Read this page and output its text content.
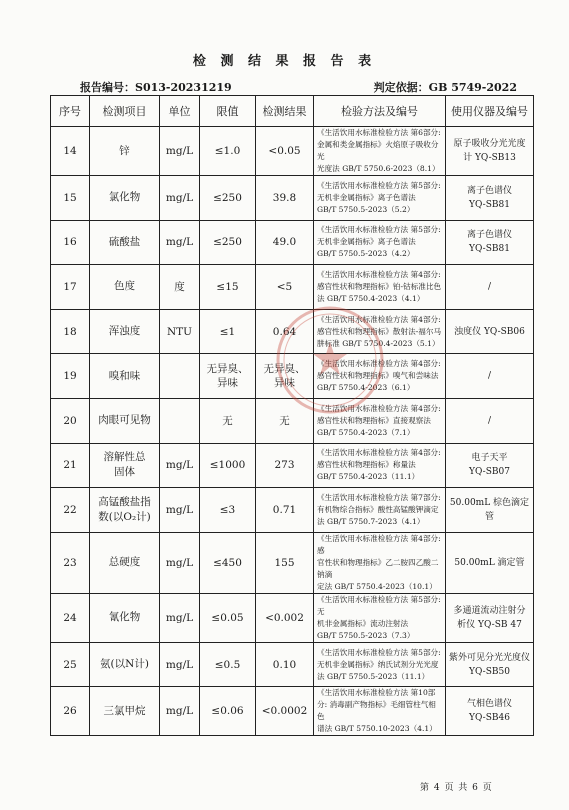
检 测 结 果 报 告 表
报告编号：S013-20231219	判定依据：GB 5749-2022
序号	检测项目	单位	限值	检测结果	检验方法及编号	使用仪器及编号
14	锌	mg/L	≤1.0	<0.05	《生活饮用水标准检验方法 第6部分:
金属和类金属指标》火焰原子吸收分光
光度法 GB/T 5750.6-2023（8.1）	原子吸收分光光度
计 YQ-SB13
15	氯化物	mg/L	≤250	39.8	《生活饮用水标准检验方法 第5部分:
无机非金属指标》离子色谱法
GB/T 5750.5-2023（5.2）	离子色谱仪
YQ-SB81
16	硫酸盐	mg/L	≤250	49.0	《生活饮用水标准检验方法 第5部分:
无机非金属指标》离子色谱法
GB/T 5750.5-2023（4.2）	离子色谱仪
YQ-SB81
17	色度	度	≤15	<5	《生活饮用水标准检验方法 第4部分:
感官性状和物理指标》铂-钴标准比色
法 GB/T 5750.4-2023（4.1）	/
18	浑浊度	NTU	≤1	0.64	《生活饮用水标准检验方法 第4部分:
感官性状和物理指标》散射法-福尔马
肼标准 GB/T 5750.4-2023（5.1）	浊度仪 YQ-SB06
19	嗅和味		无异臭、
异味	无异臭、
异味	《生活饮用水标准检验方法 第4部分:
感官性状和物理指标》嗅气和尝味法
GB/T 5750.4-2023（6.1）	/
20	肉眼可见物		无	无	《生活饮用水标准检验方法 第4部分:
感官性状和物理指标》直接观察法
GB/T 5750.4-2023（7.1）	/
21	溶解性总
固体	mg/L	≤1000	273	《生活饮用水标准检验方法 第4部分:
感官性状和物理指标》称量法
GB/T 5750.4-2023（11.1）	电子天平
YQ-SB07
22	高锰酸盐指
数(以O₂计)	mg/L	≤3	0.71	《生活饮用水标准检验方法 第7部分:
有机物综合指标》酸性高锰酸钾滴定
法 GB/T 5750.7-2023（4.1）	50.00mL 棕色滴定管
23	总硬度	mg/L	≤450	155	《生活饮用水标准检验方法 第4部分: 感
官性状和物理指标》乙二胺四乙酸二钠滴
定法 GB/T 5750.4-2023（10.1）	50.00mL 滴定管
24	氰化物	mg/L	≤0.05	<0.002	《生活饮用水标准检验方法 第5部分: 无
机非金属指标》流动注射法
GB/T 5750.5-2023（7.3）	多通道流动注射分
析仪 YQ-SB 47
25	氨(以N计)	mg/L	≤0.5	0.10	《生活饮用水标准检验方法 第5部分:
无机非金属指标》纳氏试剂分光光度
法 GB/T 5750.5-2023（11.1）	紫外可见分光光度仪
YQ-SB50
26	三氯甲烷	mg/L	≤0.06	<0.0002	《生活饮用水标准检验方法 第10部
分: 消毒副产物指标》毛细管柱气相色
谱法 GB/T 5750.10-2023（4.1）	气相色谱仪
YQ-SB46
第 4 页 共 6 页
